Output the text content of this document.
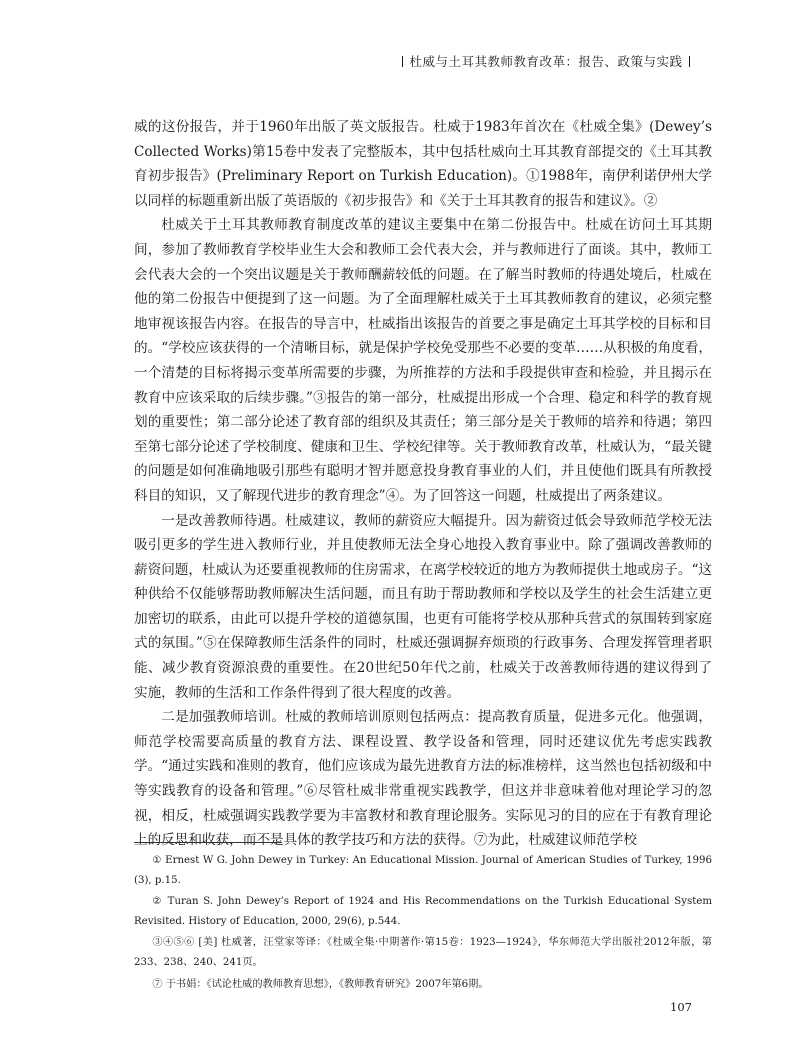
杜威与土耳其教师教育改革：报告、政策与实践

威的这份报告，并于1960年出版了英文版报告。杜威于1983年首次在《杜威全集》(Dewey’s Collected Works)第15卷中发表了完整版本，其中包括杜威向土耳其教育部提交的《土耳其教育初步报告》(Preliminary Report on Turkish Education)。①1988年，南伊利诺伊州大学以同样的标题重新出版了英语版的《初步报告》和《关于土耳其教育的报告和建议》。②

杜威关于土耳其教师教育制度改革的建议主要集中在第二份报告中。杜威在访问土耳其期间，参加了教师教育学校毕业生大会和教师工会代表大会，并与教师进行了面谈。其中，教师工会代表大会的一个突出议题是关于教师酬薪较低的问题。在了解当时教师的待遇处境后，杜威在他的第二份报告中便提到了这一问题。为了全面理解杜威关于土耳其教师教育的建议，必须完整地审视该报告内容。在报告的导言中，杜威指出该报告的首要之事是确定土耳其学校的目标和目的。“学校应该获得的一个清晰目标，就是保护学校免受那些不必要的变革……从积极的角度看，一个清楚的目标将揭示变革所需要的步骤，为所推荐的方法和手段提供审查和检验，并且揭示在教育中应该采取的后续步骤。”③报告的第一部分，杜威提出形成一个合理、稳定和科学的教育规划的重要性；第二部分论述了教育部的组织及其责任；第三部分是关于教师的培养和待遇；第四至第七部分论述了学校制度、健康和卫生、学校纪律等。关于教师教育改革，杜威认为，“最关键的问题是如何准确地吸引那些有聪明才智并愿意投身教育事业的人们，并且使他们既具有所教授科目的知识，又了解现代进步的教育理念”④。为了回答这一问题，杜威提出了两条建议。

一是改善教师待遇。杜威建议，教师的薪资应大幅提升。因为薪资过低会导致师范学校无法吸引更多的学生进入教师行业，并且使教师无法全身心地投入教育事业中。除了强调改善教师的薪资问题，杜威认为还要重视教师的住房需求，在离学校较近的地方为教师提供土地或房子。“这种供给不仅能够帮助教师解决生活问题，而且有助于帮助教师和学校以及学生的社会生活建立更加密切的联系，由此可以提升学校的道德氛围，也更有可能将学校从那种兵营式的氛围转到家庭式的氛围。”⑤在保障教师生活条件的同时，杜威还强调摒弃烦琐的行政事务、合理发挥管理者职能、减少教育资源浪费的重要性。在20世纪50年代之前，杜威关于改善教师待遇的建议得到了实施，教师的生活和工作条件得到了很大程度的改善。

二是加强教师培训。杜威的教师培训原则包括两点：提高教育质量，促进多元化。他强调，师范学校需要高质量的教育方法、课程设置、教学设备和管理，同时还建议优先考虑实践教学。“通过实践和准则的教育，他们应该成为最先进教育方法的标准榜样，这当然也包括初级和中等实践教育的设备和管理。”⑥尽管杜威非常重视实践教学，但这并非意味着他对理论学习的忽视，相反，杜威强调实践教学要为丰富教材和教育理论服务。实际见习的目的应在于有教育理论上的反思和收获，而不是具体的教学技巧和方法的获得。⑦为此，杜威建议师范学校

① Ernest W G. John Dewey in Turkey: An Educational Mission. Journal of American Studies of Turkey, 1996 (3), p.15.

② Turan S. John Dewey’s Report of 1924 and His Recommendations on the Turkish Educational System Revisited. History of Education, 2000, 29(6), p.544.

③④⑤⑥ [美] 杜威著，汪堂家等译：《杜威全集·中期著作·第15卷：1923—1924》，华东师范大学出版社2012年版，第233、238、240、241页。

⑦ 于书娟：《试论杜威的教师教育思想》，《教师教育研究》2007年第6期。

107
